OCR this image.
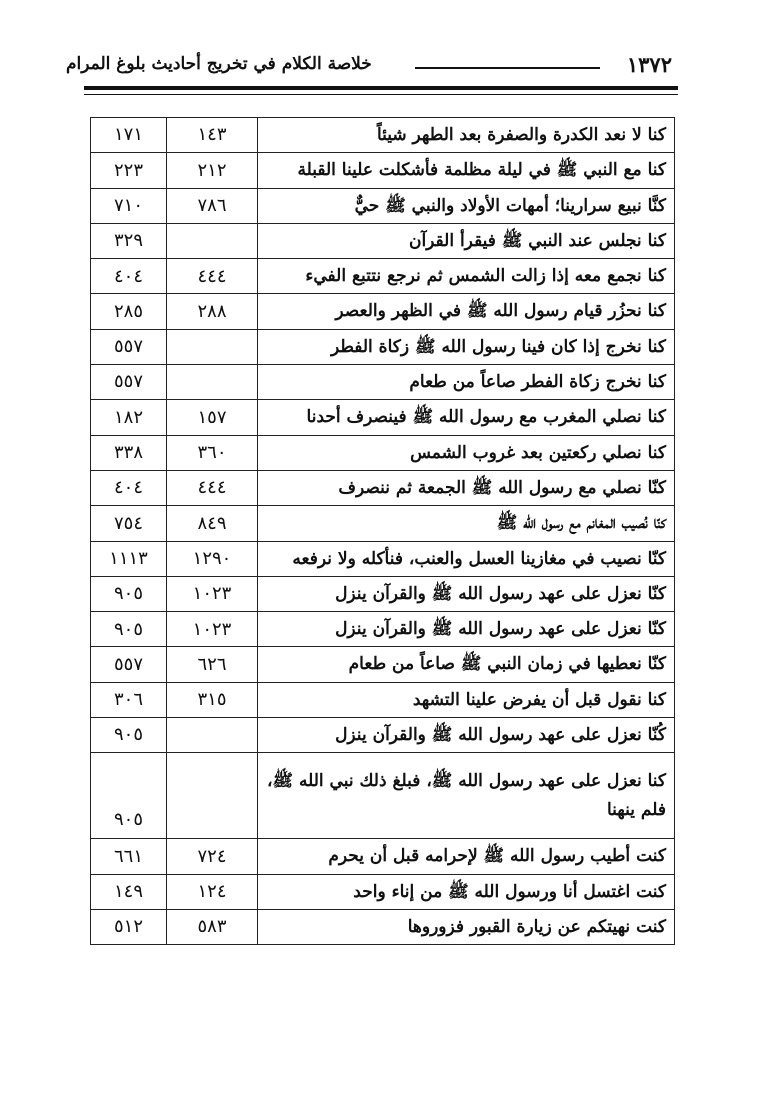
١٣٧٢
خلاصة الكلام في تخريج أحاديث بلوغ المرام
كنا لا نعد الكدرة والصفرة بعد الطهر شيئاً	١٤٣	١٧١
كنا مع النبي ﷺ في ليلة مظلمة فأشكلت علينا القبلة	٢١٢	٢٢٣
كنَّا نبيع سرارينا؛ أمهات الأولاد والنبي ﷺ حيٌّ	٧٨٦	٧١٠
كنا نجلس عند النبي ﷺ فيقرأ القرآن		٣٢٩
كنا نجمع معه إذا زالت الشمس ثم نرجع نتتبع الفيء	٤٤٤	٤٠٤
كنا نحزُر قيام رسول الله ﷺ في الظهر والعصر	٢٨٨	٢٨٥
كنا نخرج إذا كان فينا رسول الله ﷺ زكاة الفطر		٥٥٧
كنا نخرج زكاة الفطر صاعاً من طعام		٥٥٧
كنا نصلي المغرب مع رسول الله ﷺ فينصرف أحدنا	١٥٧	١٨٢
كنا نصلي ركعتين بعد غروب الشمس	٣٦٠	٣٣٨
كنّا نصلي مع رسول الله ﷺ الجمعة ثم ننصرف	٤٤٤	٤٠٤
كنّا نُصيب المغانم مع رسول الله ﷺ	٨٤٩	٧٥٤
كنّا نصيب في مغازينا العسل والعنب، فنأكله ولا نرفعه	١٢٩٠	١١١٣
كنّا نعزل على عهد رسول الله ﷺ والقرآن ينزل	١٠٢٣	٩٠٥
كنّا نعزل على عهد رسول الله ﷺ والقرآن ينزل	١٠٢٣	٩٠٥
كنّا نعطيها في زمان النبي ﷺ صاعاً من طعام	٦٢٦	٥٥٧
كنا نقول قبل أن يفرض علينا التشهد	٣١٥	٣٠٦
كُنّا نعزل على عهد رسول الله ﷺ والقرآن ينزل		٩٠٥
كنا نعزل على عهد رسول الله ﷺ، فبلغ ذلك نبي الله ﷺ، فلم ينهنا		٩٠٥
كنت أطيب رسول الله ﷺ لإحرامه قبل أن يحرم	٧٢٤	٦٦١
كنت اغتسل أنا ورسول الله ﷺ من إناء واحد	١٢٤	١٤٩
كنت نهيتكم عن زيارة القبور فزوروها	٥٨٣	٥١٢
